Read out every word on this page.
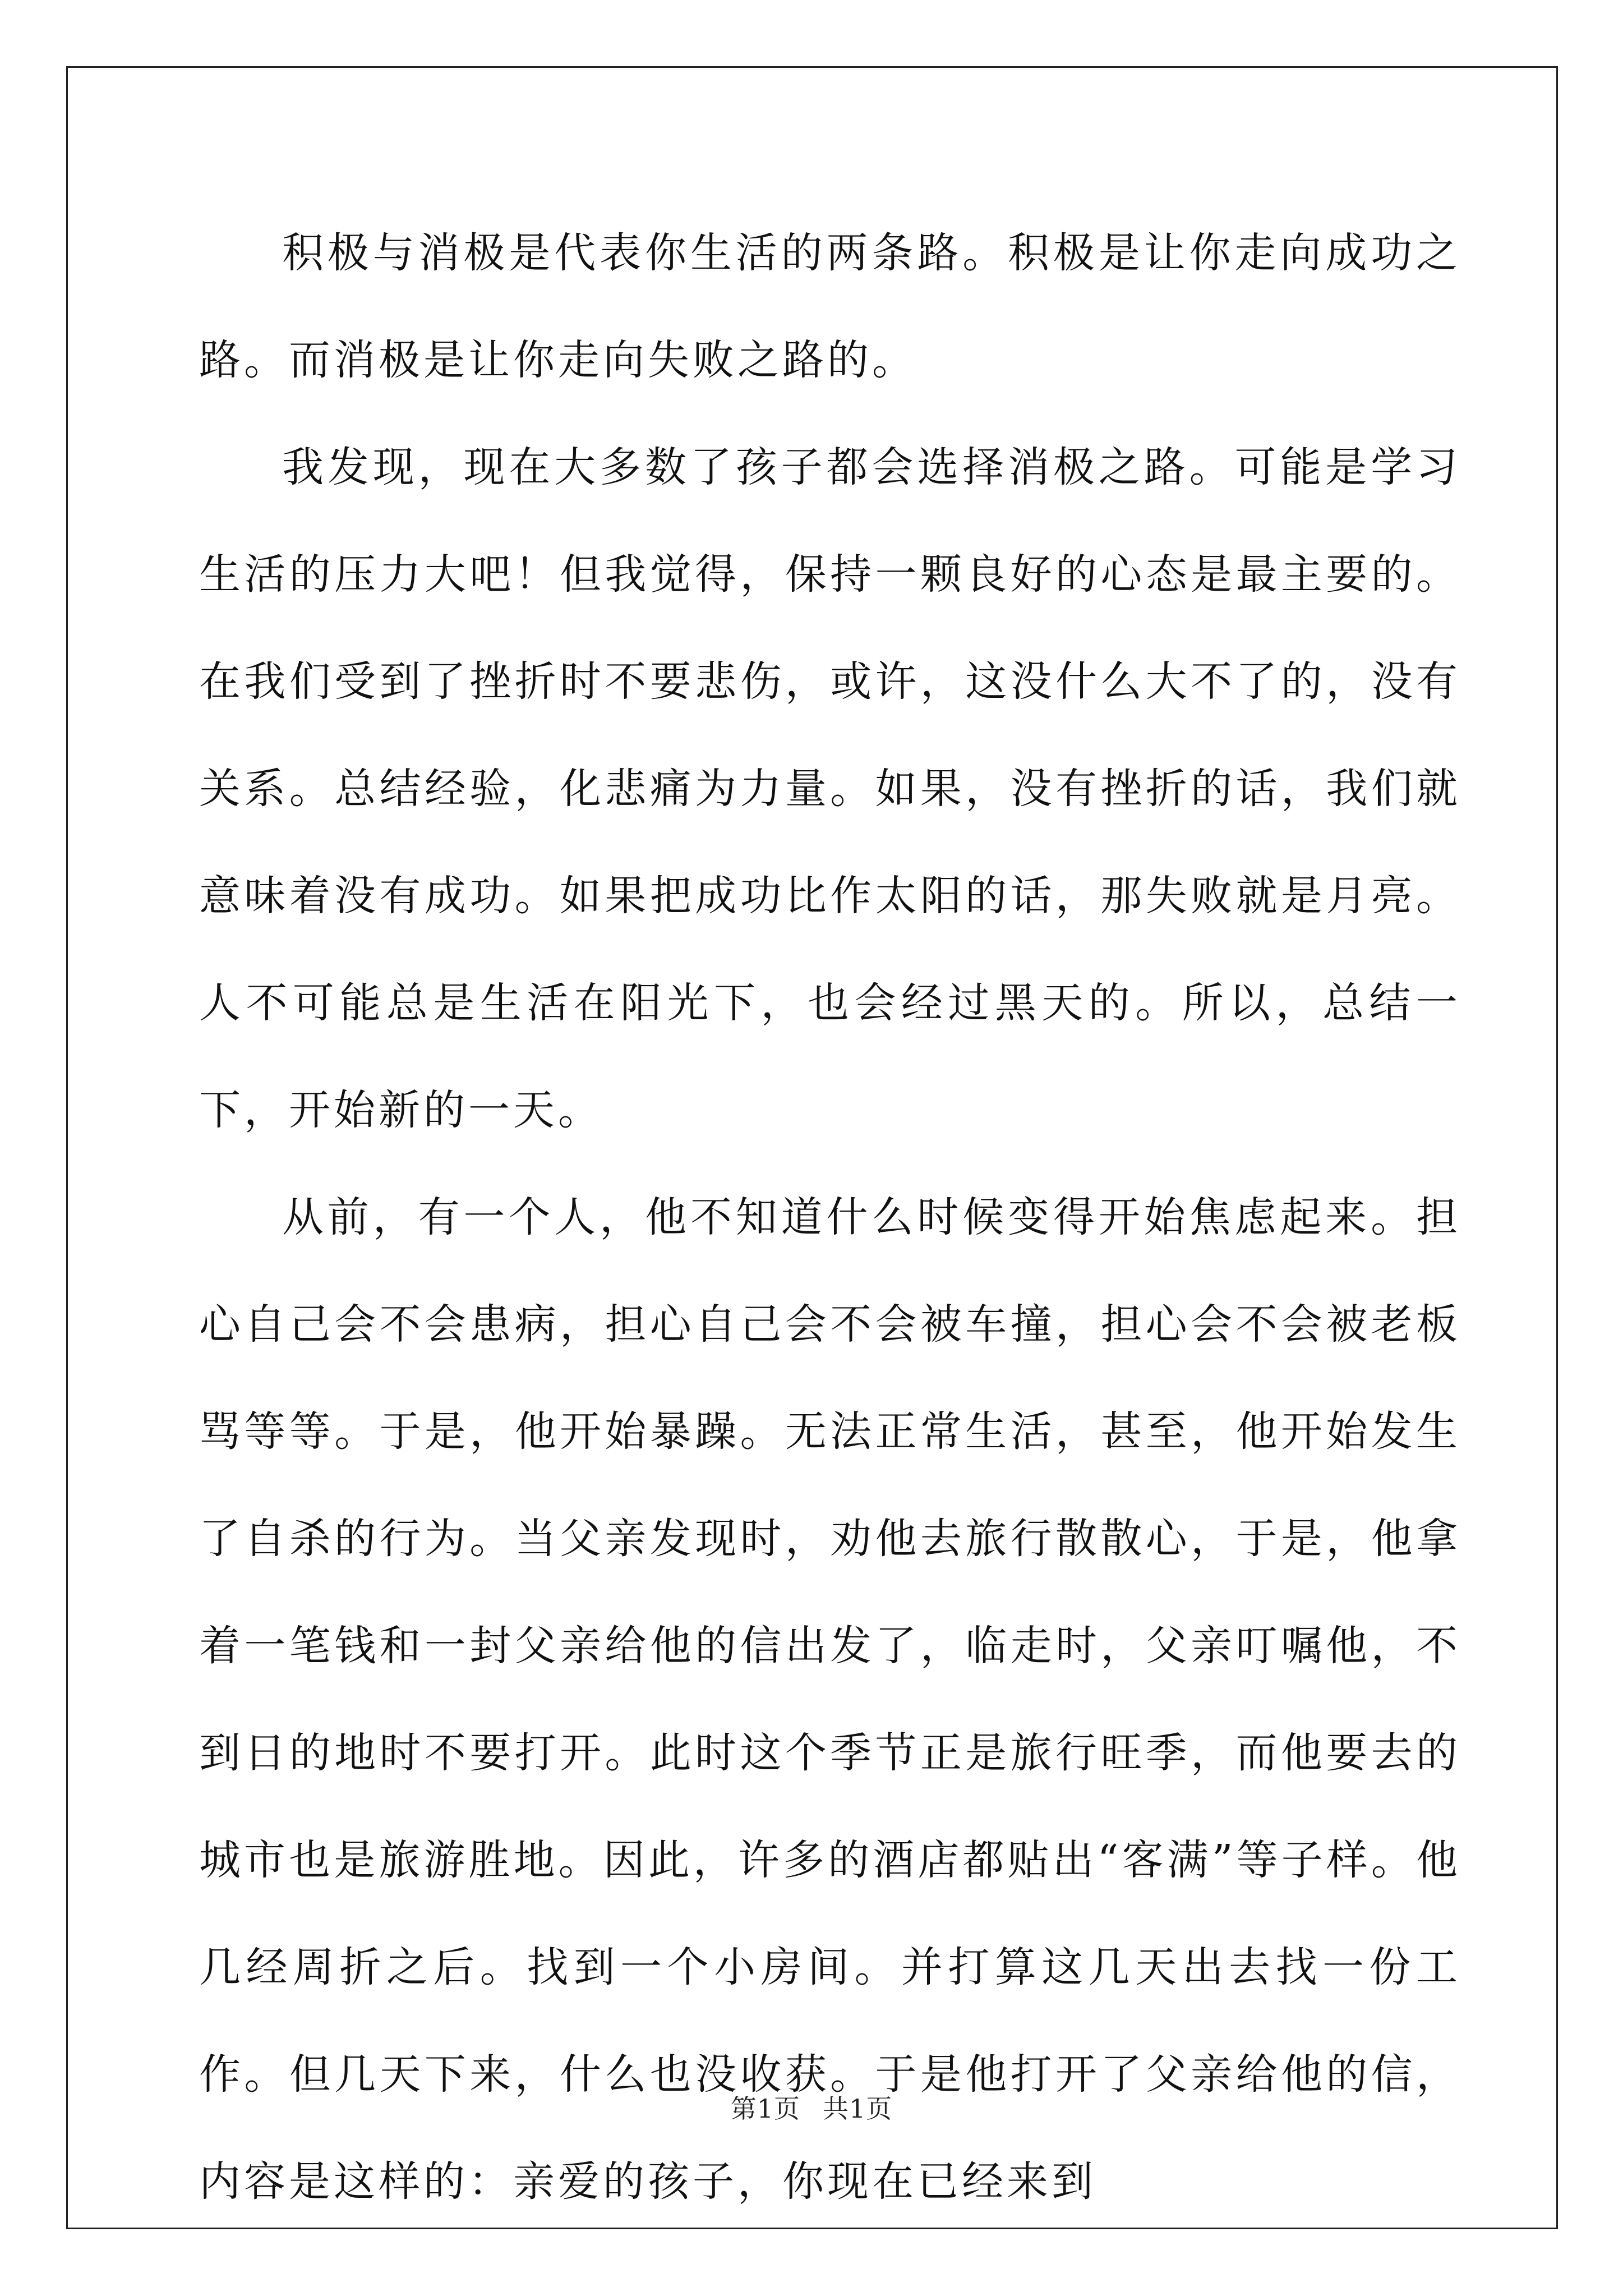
积极与消极是代表你生活的两条路。积极是让你走向成功之路。而消极是让你走向失败之路的。

我发现，现在大多数了孩子都会选择消极之路。可能是学习生活的压力大吧！但我觉得，保持一颗良好的心态是最主要的。在我们受到了挫折时不要悲伤，或许，这没什么大不了的，没有关系。总结经验，化悲痛为力量。如果，没有挫折的话，我们就意味着没有成功。如果把成功比作太阳的话，那失败就是月亮。人不可能总是生活在阳光下，也会经过黑天的。所以，总结一下，开始新的一天。

从前，有一个人，他不知道什么时候变得开始焦虑起来。担心自己会不会患病，担心自己会不会被车撞，担心会不会被老板骂等等。于是，他开始暴躁。无法正常生活，甚至，他开始发生了自杀的行为。当父亲发现时，劝他去旅行散散心，于是，他拿着一笔钱和一封父亲给他的信出发了，临走时，父亲叮嘱他，不到日的地时不要打开。此时这个季节正是旅行旺季，而他要去的城市也是旅游胜地。因此，许多的酒店都贴出“客满”等子样。他几经周折之后。找到一个小房间。并打算这几天出去找一份工作。但几天下来，什么也没收获。于是他打开了父亲给他的信，内容是这样的：亲爱的孩子，你现在已经来到

第1页 共1页
